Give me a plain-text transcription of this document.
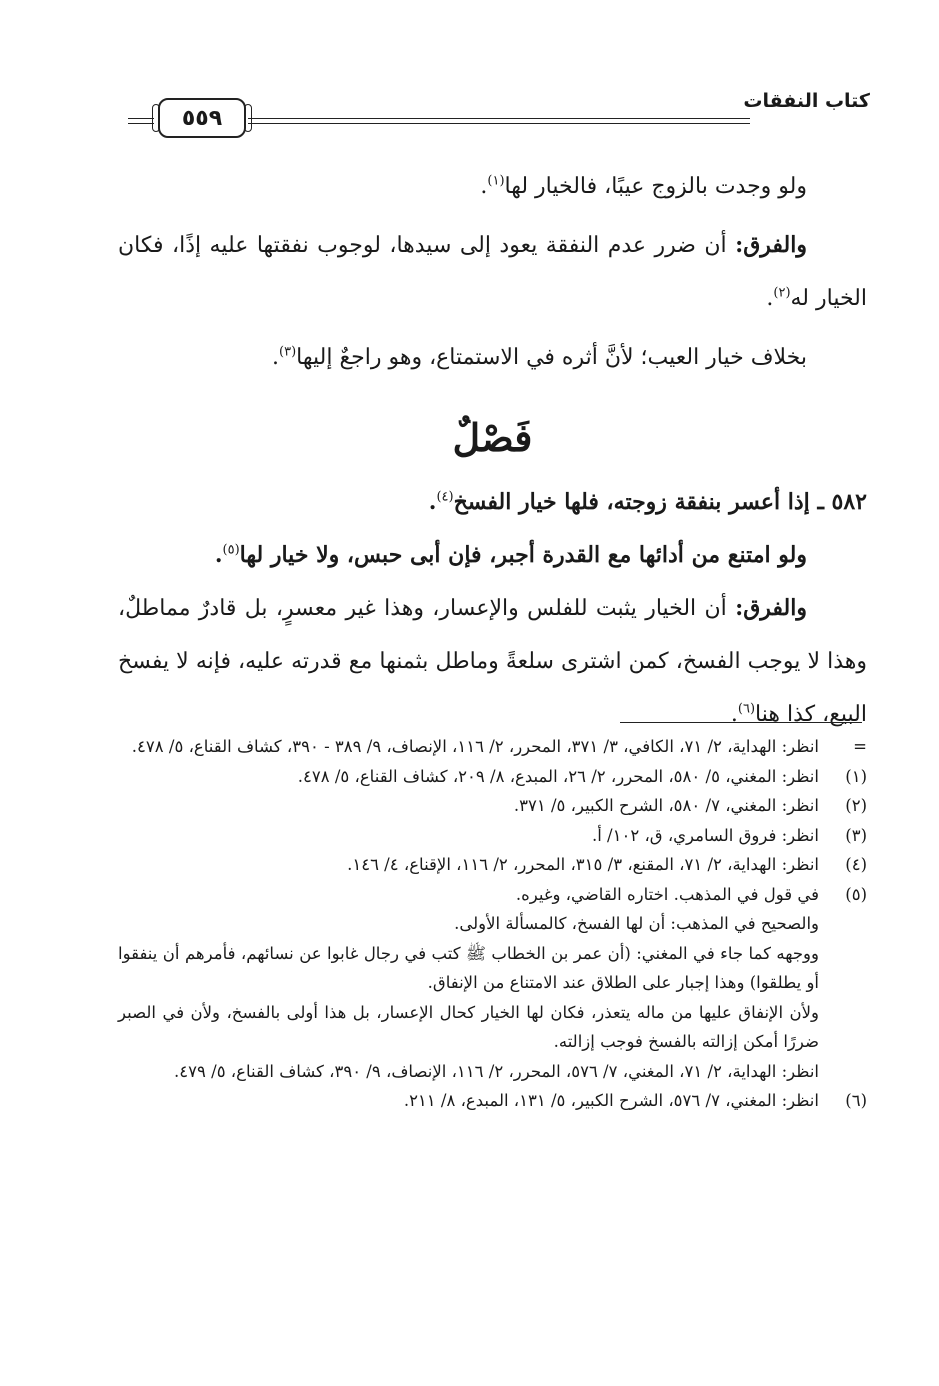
كتاب النفقات
٥٥٩

ولو وجدت بالزوج عيبًا، فالخيار لها$^{(١)}$.

والفرق: أن ضرر عدم النفقة يعود إلى سيدها، لوجوب نفقتها عليه إذًا، فكان الخيار له$^{(٢)}$.

بخلاف خيار العيب؛ لأنَّ أثره في الاستمتاع، وهو راجعٌ إليها$^{(٣)}$.

فَصْلٌ

٥٨٢ ـ إذا أعسر بنفقة زوجته، فلها خيار الفسخ$^{(٤)}$.

ولو امتنع من أدائها مع القدرة أجبر، فإن أبى حبس، ولا خيار لها$^{(٥)}$.

والفرق: أن الخيار يثبت للفلس والإعسار، وهذا غير معسرٍ، بل قادرٌ مماطلٌ، وهذا لا يوجب الفسخ، كمن اشترى سلعةً وماطل بثمنها مع قدرته عليه، فإنه لا يفسخ البيع، كذا هنا$^{(٦)}$.

=

انظر: الهداية، ٢/ ٧١، الكافي، ٣/ ٣٧١، المحرر، ٢/ ١١٦، الإنصاف، ٩/ ٣٨٩ - ٣٩٠، كشاف القناع، ٥/ ٤٧٨.

(١)

انظر: المغني، ٥/ ٥٨٠، المحرر، ٢/ ٢٦، المبدع، ٨/ ٢٠٩، كشاف القناع، ٥/ ٤٧٨.

(٢)

انظر: المغني، ٧/ ٥٨٠، الشرح الكبير، ٥/ ٣٧١.

(٣)

انظر: فروق السامري، ق، ١٠٢/ أ.

(٤)

انظر: الهداية، ٢/ ٧١، المقنع، ٣/ ٣١٥، المحرر، ٢/ ١١٦، الإقناع، ٤/ ١٤٦.

(٥)

في قول في المذهب. اختاره القاضي، وغيره.

والصحيح في المذهب: أن لها الفسخ، كالمسألة الأولى.

ووجهه كما جاء في المغني: (أن عمر بن الخطاب ﷺ كتب في رجال غابوا عن نسائهم، فأمرهم أن ينفقوا أو يطلقوا) وهذا إجبار على الطلاق عند الامتناع من الإنفاق.

ولأن الإنفاق عليها من ماله يتعذر، فكان لها الخيار كحال الإعسار، بل هذا أولى بالفسخ، ولأن في الصبر ضررًا أمكن إزالته بالفسخ فوجب إزالته.

انظر: الهداية، ٢/ ٧١، المغني، ٧/ ٥٧٦، المحرر، ٢/ ١١٦، الإنصاف، ٩/ ٣٩٠، كشاف القناع، ٥/ ٤٧٩.

(٦)

انظر: المغني، ٧/ ٥٧٦، الشرح الكبير، ٥/ ١٣١، المبدع، ٨/ ٢١١.
